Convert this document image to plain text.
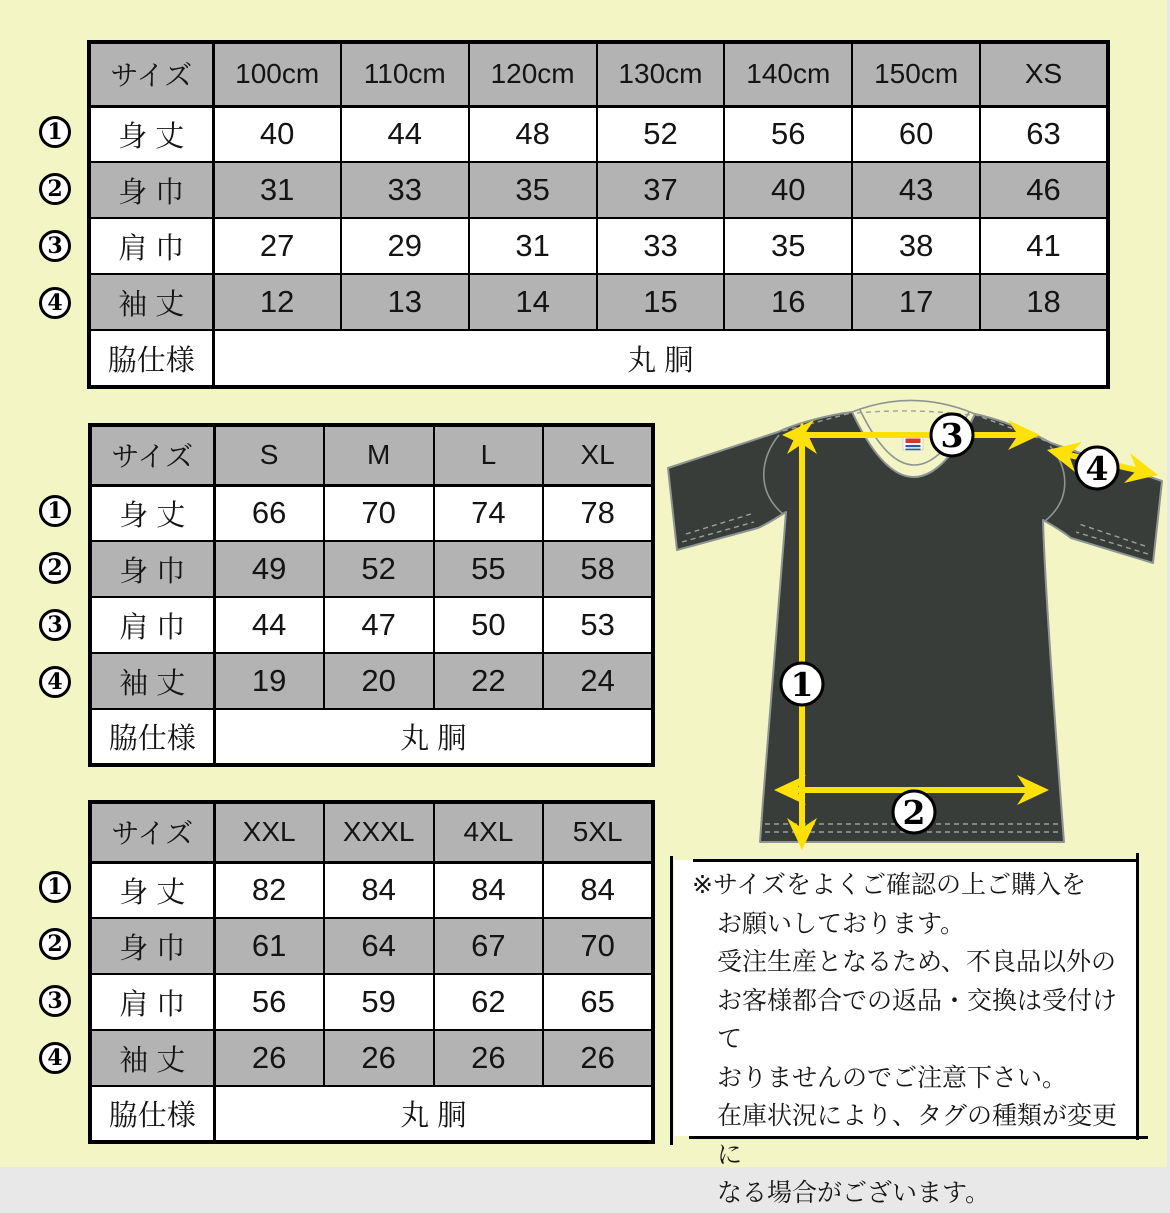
1
2
3
4
1
2
3
4
1
2
3
4
サイズ	100cm	110cm	120cm	130cm	140cm	150cm	XS
身 丈	40	44	48	52	56	60	63
身 巾	31	33	35	37	40	43	46
肩 巾	27	29	31	33	35	38	41
袖 丈	12	13	14	15	16	17	18
脇仕様	丸 胴						
サイズ	S	M	L	XL
身 丈	66	70	74	78
身 巾	49	52	55	58
肩 巾	44	47	50	53
袖 丈	19	20	22	24
脇仕様	丸 胴			
サイズ	XXL	XXXL	4XL	5XL
身 丈	82	84	84	84
身 巾	61	64	67	70
肩 巾	56	59	62	65
袖 丈	26	26	26	26
脇仕様	丸 胴			
3
4
1
2
※サイズをよくご確認の上ご購入を
お願いしております。
受注生産となるため、不良品以外の
お客様都合での返品・交換は受付けて
おりませんのでご注意下さい。
在庫状況により、タグの種類が変更に
なる場合がございます。
